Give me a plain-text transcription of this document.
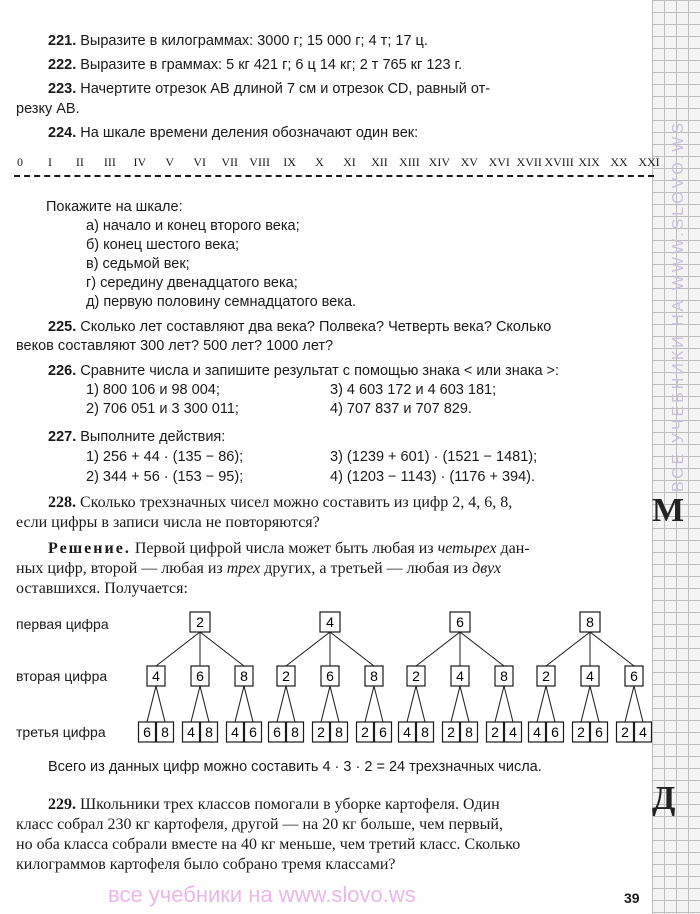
ВСЕ УЧЕБНИКИ НА WWW.SLOVO.WS
М
Д
221. Выразите в килограммах: 3000 г; 15 000 г; 4 т; 17 ц.
222. Выразите в граммах: 5 кг 421 г; 6 ц 14 кг; 2 т 765 кг 123 г.
223. Начертите отрезок AB длиной 7 см и отрезок CD, равный от-
резку AB.
224. На шкале времени деления обозначают один век:
0 I II III IV V VI VII VIII IX X XI XII XIII XIV XV XVI XVII XVIII XIX XX XXI
Покажите на шкале:
а) начало и конец второго века;
б) конец шестого века;
в) седьмой век;
г) середину двенадцатого века;
д) первую половину семнадцатого века.
225. Сколько лет составляют два века? Полвека? Четверть века? Сколько
веков составляют 300 лет? 500 лет? 1000 лет?
226. Сравните числа и запишите результат с помощью знака < или знака >:
1) 800 106 и 98 004;
2) 706 051 и 3 300 011;
3) 4 603 172 и 4 603 181;
4) 707 837 и 707 829.
227. Выполните действия:
1) 256 + 44 · (135 − 86);
2) 344 + 56 · (153 − 95);
3) (1239 + 601) · (1521 − 1481);
4) (1203 − 1143) · (1176 + 394).
228. Сколько трехзначных чисел можно составить из цифр 2, 4, 6, 8,
если цифры в записи числа не повторяются?
Решение. Первой цифрой числа может быть любая из четырех дан-
ных цифр, второй — любая из трех других, а третьей — любая из двух
оставшихся. Получается:
первая цифра
вторая цифра
третья цифра
2
4
6 8
6
4 8
8
4 6
4
2
6 8
6
2 8
8
2 6
6
2
4 8
4
2 8
8
2 4
8
2
4 6
4
2 6
6
2 4
Всего из данных цифр можно составить 4 · 3 · 2 = 24 трехзначных числа.
229. Школьники трех классов помогали в уборке картофеля. Один
класс собрал 230 кг картофеля, другой — на 20 кг больше, чем первый,
но оба класса собрали вместе на 40 кг меньше, чем третий класс. Сколько
килограммов картофеля было собрано тремя классами?
все учебники на www.slovo.ws	39
